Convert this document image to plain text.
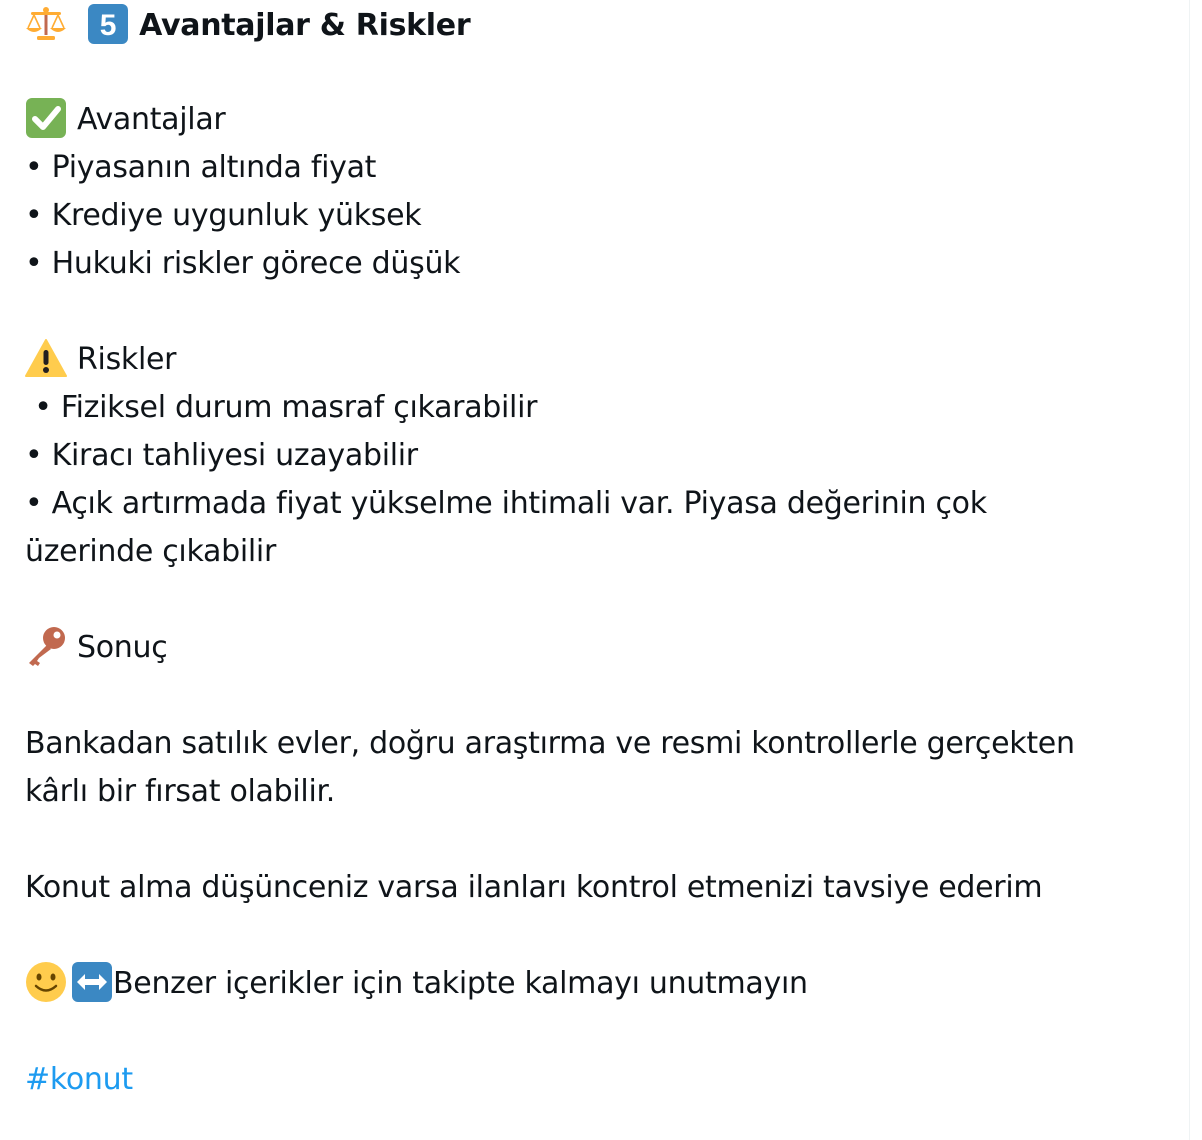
5 Avantajlar & Riskler
Avantajlar
• Piyasanın altında fiyat
• Krediye uygunluk yüksek
• Hukuki riskler görece düşük
Riskler
• Fiziksel durum masraf çıkarabilir
• Kiracı tahliyesi uzayabilir
• Açık artırmada fiyat yükselme ihtimali var. Piyasa değerinin çok üzerinde çıkabilir
Sonuç
Bankadan satılık evler, doğru araştırma ve resmi kontrollerle gerçekten kârlı bir fırsat olabilir.
Konut alma düşünceniz varsa ilanları kontrol etmenizi tavsiye ederim
Benzer içerikler için takipte kalmayı unutmayın
#konut
